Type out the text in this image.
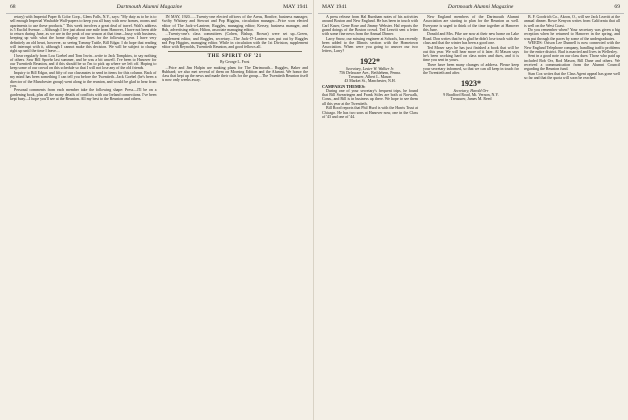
68	Dartmouth Alumni Magazine	MAY 1941

retary) with Imperial Paper & Color Corp., Glens Falls, N.Y., says: "My duty as to be is to sell enough Imperial Washable Wall-papers to keep you all busy with new homes, rooms and apartments to use these products." This week involves a great deal of travel. Walt's address is 5 Euclid Avenue. ...Although I live just about one mile from Hanover, I have not been able to return during June, as we are in the peak of our season at that time—busy with business, keeping up with what the home display our lines for the following year. I have very definitely an old heart, however, so seeing Tommy Tuttle, Bill Edgar. I do hope that reading will interrupt with it, although I cannot make this decision. We will be subject to change right up until the time I leave....

I hear regularly from Lou Goebel and Tom Irwin...write to Jack Tompkins, to say nothing of others. Saw Bill Spoehr last summer, and he was a bit unwell. I've been to Hanover for our Twentieth Reunion, and if this should be so I'm to pick up where we left off. Hoping to keep some of our crowd on this schedule so that I will not lose any of the old friends.

Inquiry to Bill Edgar, and fifty of our classmates to send in items for this column. Back of my mind has been something I can tell you before the Twentieth...Jack Goebel (he's been a director of the Manchester group) went along to the reunion, and would be glad to hear from you.

Personal comments from each member take the following shape: Press—I'll be on a gardening book, plus all the many details of conflicts with our Ireland connections. I've been kept busy—I hope you'll see at the Reunion. All my best to the Reunion and others.

IN MAY, 1920.......Twenty-one elected officers of the Areas, Bonfire, business manager, Swifty Whitney and Stewart and Pop Higgins, circulation manager....Price won elected editor of The Jack-o-Lantern; Ruggles, managing editor; Kersey, business manager, and Hub, advertising editor; Hilton, associate managing editor.

...Twenty-one's class committees (Cohen, Bishop, Brown) were set up...Green, supplement editor, and Ruggles, secretary....The Jack-O'-Lantern was put out by Ruggles and Pop Higgins, managing editor. While in circulation with the 1st Division, supplement editor with Reynolds, Twentieth Reunion, and good fellows all.

THE SPIRIT OF '21
By George L. Frost

...Price and Jim Halpin are making plans for The Dartmouth... Ruggles, Baker and Hubbard; we also met several of them on Morning Edition and the Alumni. We honor the class that kept up the news and made their calls for the group....The Twentieth Reunion itself is now only weeks away.

MAY 1941	Dartmouth Alumni Magazine	69

A press release from Hal Burnham notes of his activities around Boston and New England. He has been in touch with Carl Kaser, Gene Rose and Jimmy Webster. Hal reports the grand doings of the Boston crowd. Ted Leavitt sent a letter with some fine news from the Annual Dinner.

Larry Snow, our missing engineer at Schools, has recently been added to the Illinois section with the Hometown Association. When were you going to answer our two letters, Larry?

1922*
Secretary, Lester W. Walker Jr.
756 Delaware Ave., Bethlehem, Penna.
Treasurer, Albert L. Mason
43 Market St., Manchester, N.H.
CAMPAIGN THEMES:

During one of your secretary's frequent trips, he found that Bill Swearingen and Frank Stiles are both at Norwalk, Conn., and Bill is in business up there. We hope to see them all this year at the Twentieth.

Bill Rood reports that Phil Hurd is with the Harris Trust at Chicago. He has two sons at Hanover now, one in the Class of '43 and one of '44.

New England members of the Dartmouth Alumni Association are starting to plan for the Reunion as well. Everyone is urged to think of the time together at Hanover this June.

Donald and Mrs. Pike are now at their new home on Lake Road. Don writes that he is glad he didn't lose touch with the class and that the winter has been a good one.

Ted Moser says he has just finished a book that will be out this year. We will hear more of it later. Al Mason says he's been working hard on class notes and dues, and it is time you sent in yours.

There have been many changes of address. Please keep your secretary informed, so that we can all keep in touch for the Twentieth and after.

1923*
Secretary, Harold Orr
9 Bradford Road, Mt. Vernon, N.Y.
Treasurer, James M. Reed

B. F. Goodrich Co., Akron, O., will see Jack Leavitt at the annual dinner. Rowe Kenyon writes from California that all is well on the West Coast.

Do you remember when? Your secretary was given a big reception when he returned to Hanover in the spring, and was put through the paces by some of the undergraduates.

WEEDS: Orison Lee Dunnell is now connected with the New England Telephone company, handling traffic problems for the entire district. Bud is married and lives in Wellesley.

Sent in a good note on our class dues: Those who paid up included Bob Orr, Rod Mason, Bill Dane and others. We received a communication from the Alumni Council regarding the Reunion fund.

Stan Cox writes that the Class Agent appeal has gone well so far and that the quota will soon be reached.
